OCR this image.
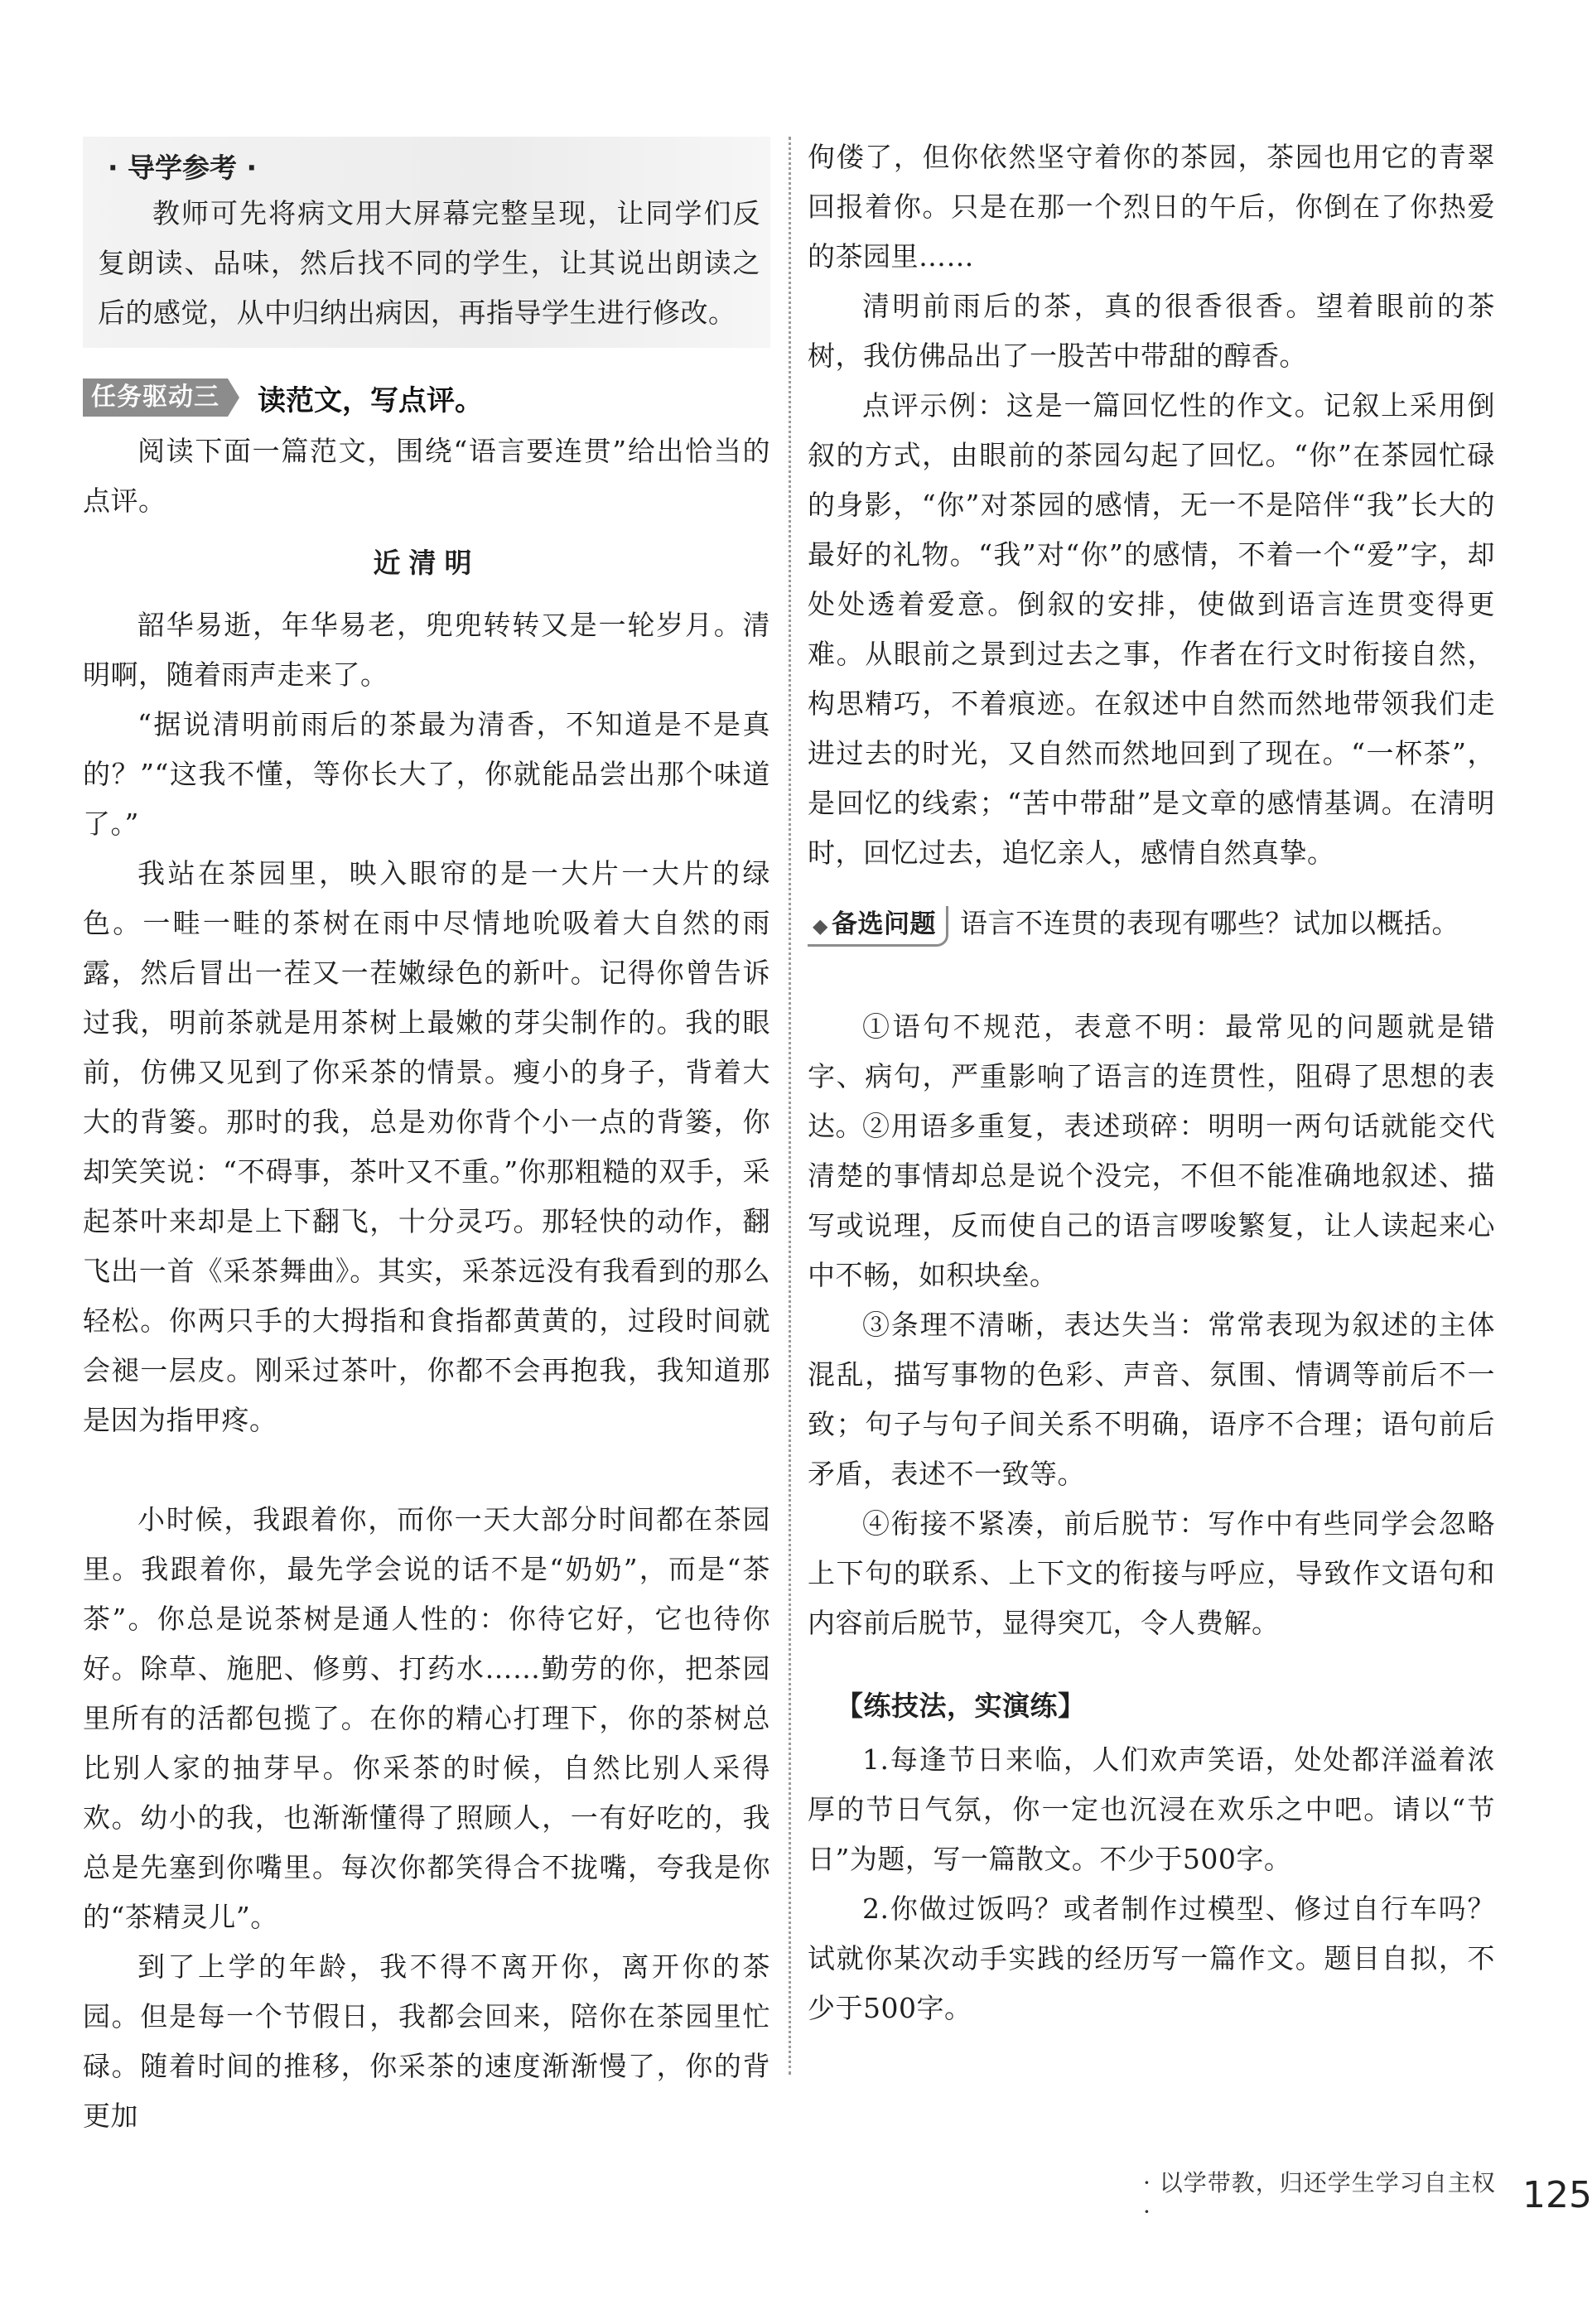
· 导学参考 ·

教师可先将病文用大屏幕完整呈现，让同学们反复朗读、品味，然后找不同的学生，让其说出朗读之后的感觉，从中归纳出病因，再指导学生进行修改。

任务驱动三 读范文，写点评。

阅读下面一篇范文，围绕“语言要连贯”给出恰当的点评。

近清明

韶华易逝，年华易老，兜兜转转又是一轮岁月。清明啊，随着雨声走来了。

“据说清明前雨后的茶最为清香，不知道是不是真的？”“这我不懂，等你长大了，你就能品尝出那个味道了。”

我站在茶园里，映入眼帘的是一大片一大片的绿色。一畦一畦的茶树在雨中尽情地吮吸着大自然的雨露，然后冒出一茬又一茬嫩绿色的新叶。记得你曾告诉过我，明前茶就是用茶树上最嫩的芽尖制作的。我的眼前，仿佛又见到了你采茶的情景。瘦小的身子，背着大大的背篓。那时的我，总是劝你背个小一点的背篓，你却笑笑说：“不碍事，茶叶又不重。”你那粗糙的双手，采起茶叶来却是上下翻飞，十分灵巧。那轻快的动作，翻飞出一首《采茶舞曲》。其实，采茶远没有我看到的那么轻松。你两只手的大拇指和食指都黄黄的，过段时间就会褪一层皮。刚采过茶叶，你都不会再抱我，我知道那是因为指甲疼。

小时候，我跟着你，而你一天大部分时间都在茶园里。我跟着你，最先学会说的话不是“奶奶”，而是“茶茶”。你总是说茶树是通人性的：你待它好，它也待你好。除草、施肥、修剪、打药水……勤劳的你，把茶园里所有的活都包揽了。在你的精心打理下，你的茶树总比别人家的抽芽早。你采茶的时候，自然比别人采得欢。幼小的我，也渐渐懂得了照顾人，一有好吃的，我总是先塞到你嘴里。每次你都笑得合不拢嘴，夸我是你的“茶精灵儿”。

到了上学的年龄，我不得不离开你，离开你的茶园。但是每一个节假日，我都会回来，陪你在茶园里忙碌。随着时间的推移，你采茶的速度渐渐慢了，你的背更加

佝偻了，但你依然坚守着你的茶园，茶园也用它的青翠回报着你。只是在那一个烈日的午后，你倒在了你热爱的茶园里……

清明前雨后的茶，真的很香很香。望着眼前的茶树，我仿佛品出了一股苦中带甜的醇香。

点评示例：这是一篇回忆性的作文。记叙上采用倒叙的方式，由眼前的茶园勾起了回忆。“你”在茶园忙碌的身影，“你”对茶园的感情，无一不是陪伴“我”长大的最好的礼物。“我”对“你”的感情，不着一个“爱”字，却处处透着爱意。倒叙的安排，使做到语言连贯变得更难。从眼前之景到过去之事，作者在行文时衔接自然，构思精巧，不着痕迹。在叙述中自然而然地带领我们走进过去的时光，又自然而然地回到了现在。“一杯茶”，是回忆的线索；“苦中带甜”是文章的感情基调。在清明时，回忆过去，追忆亲人，感情自然真挚。

◆ 备选问题 语言不连贯的表现有哪些？试加以概括。

①语句不规范，表意不明：最常见的问题就是错字、病句，严重影响了语言的连贯性，阻碍了思想的表达。 ②用语多重复，表述琐碎：明明一两句话就能交代清楚的事情却总是说个没完，不但不能准确地叙述、描写或说理，反而使自己的语言啰唆繁复，让人读起来心中不畅，如积块垒。

③条理不清晰，表达失当：常常表现为叙述的主体混乱，描写事物的色彩、声音、氛围、情调等前后不一致；句子与句子间关系不明确，语序不合理；语句前后矛盾，表述不一致等。

④衔接不紧凑，前后脱节：写作中有些同学会忽略上下句的联系、上下文的衔接与呼应，导致作文语句和内容前后脱节，显得突兀，令人费解。

【练技法，实演练】

1.每逢节日来临，人们欢声笑语，处处都洋溢着浓厚的节日气氛，你一定也沉浸在欢乐之中吧。请以“节日”为题，写一篇散文。不少于500字。

2.你做过饭吗？或者制作过模型、修过自行车吗？试就你某次动手实践的经历写一篇作文。题目自拟，不少于500字。

· 以学带教，归还学生学习自主权 ·	125
